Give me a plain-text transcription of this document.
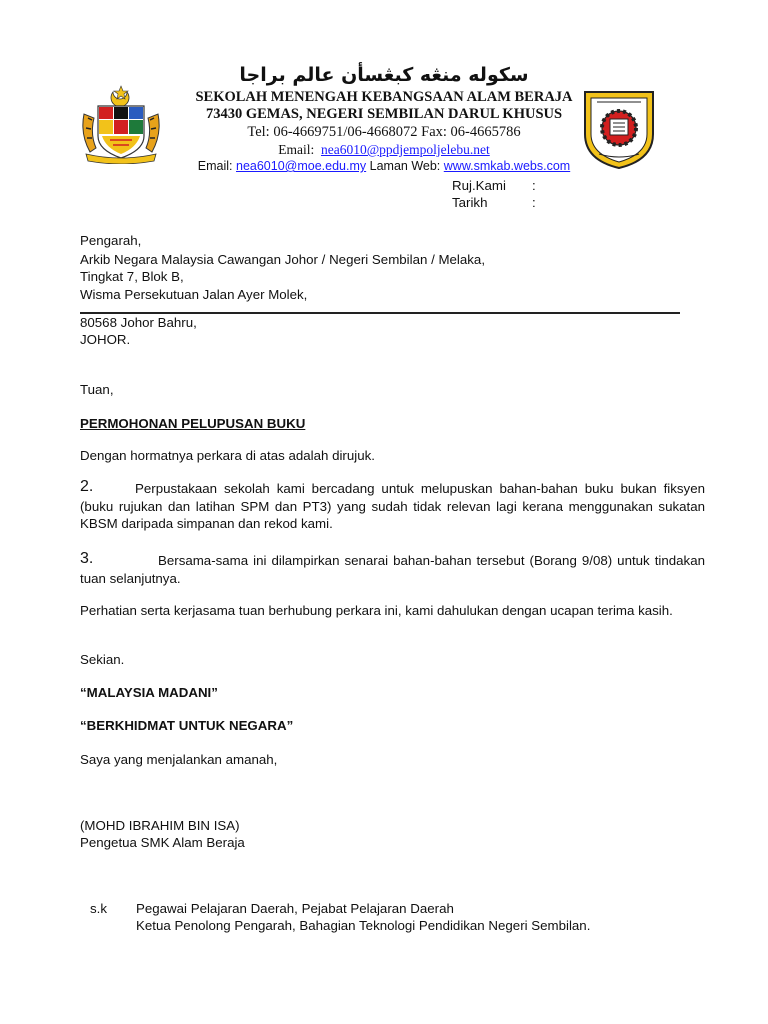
سكوله منڠه كبڠسأن عالم براجا
SEKOLAH MENENGAH KEBANGSAAN ALAM BERAJA
73430 GEMAS, NEGERI SEMBILAN DARUL KHUSUS
Tel: 06-4669751/06-4668072 Fax: 06-4665786
Email: nea6010@ppdjempoljelebu.net
Email: nea6010@moe.edu.my Laman Web: www.smkab.webs.com
Ruj.Kami :
Tarikh	:
Pengarah,
Arkib Negara Malaysia Cawangan Johor / Negeri Sembilan / Melaka,
Tingkat 7, Blok B,
Wisma Persekutuan Jalan Ayer Molek,
80568 Johor Bahru,
JOHOR.
Tuan,
PERMOHONAN PELUPUSAN BUKU
Dengan hormatnya perkara di atas adalah dirujuk.
2.	Perpustakaan sekolah kami bercadang untuk melupuskan bahan-bahan buku bukan fiksyen (buku rujukan dan latihan SPM dan PT3) yang sudah tidak relevan lagi kerana menggunakan sukatan KBSM daripada simpanan dan rekod kami.
3.	Bersama-sama ini dilampirkan senarai bahan-bahan tersebut (Borang 9/08) untuk tindakan tuan selanjutnya.
Perhatian serta kerjasama tuan berhubung perkara ini, kami dahulukan dengan ucapan terima kasih.
Sekian.
“MALAYSIA MADANI”
“BERKHIDMAT UNTUK NEGARA”
Saya yang menjalankan amanah,
(MOHD IBRAHIM BIN ISA)
Pengetua SMK Alam Beraja
s.k Pegawai Pelajaran Daerah, Pejabat Pelajaran Daerah
Ketua Penolong Pengarah, Bahagian Teknologi Pendidikan Negeri Sembilan.
